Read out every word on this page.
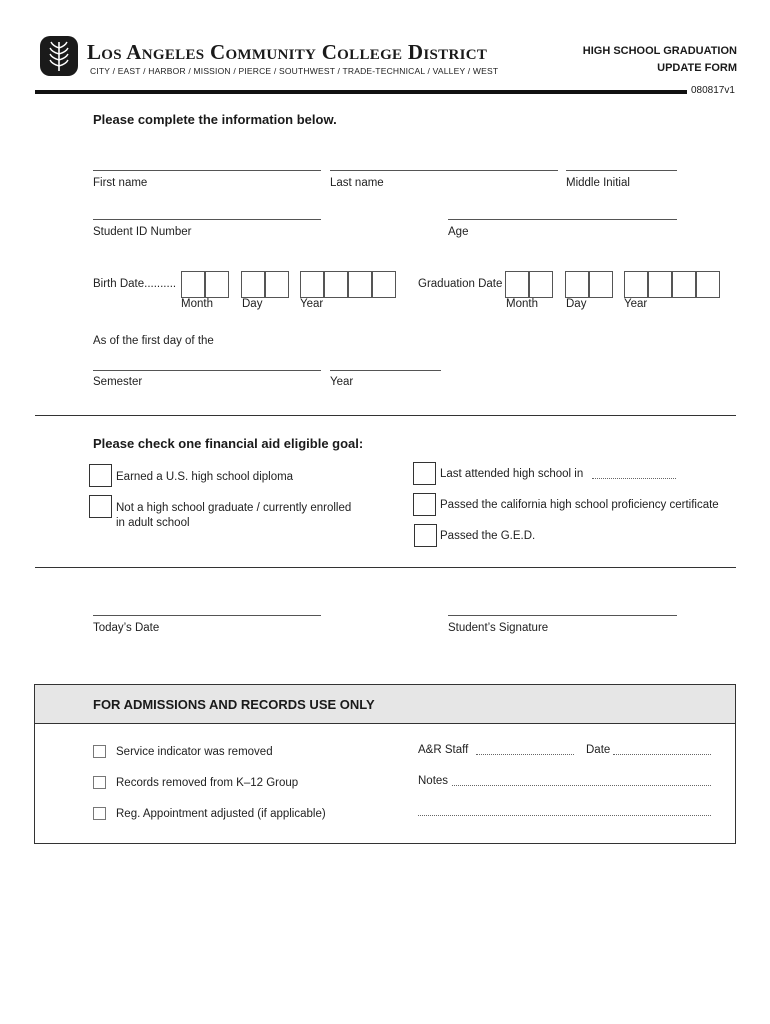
Los Angeles Community College District
CITY / EAST / HARBOR / MISSION / PIERCE / SOUTHWEST / TRADE-TECHNICAL / VALLEY / WEST
HIGH SCHOOL GRADUATION
UPDATE FORM
080817v1
Please complete the information below.
First name	Last name	Middle Initial
Student ID Number	Age
Birth Date..........
Month	Day	Year
Graduation Date
Month Day	Year
As of the first day of the
Semester	Year
Please check one financial aid eligible goal:
Earned a U.S. high school diploma
Not a high school graduate / currently enrolled
in adult school
Last attended high school in
Passed the california high school proficiency certificate
Passed the G.E.D.
Today’s Date	Student’s Signature
FOR ADMISSIONS AND RECORDS USE ONLY
Service indicator was removed
Records removed from K–12 Group
Reg. Appointment adjusted (if applicable)
A&R Staff	Date
Notes
